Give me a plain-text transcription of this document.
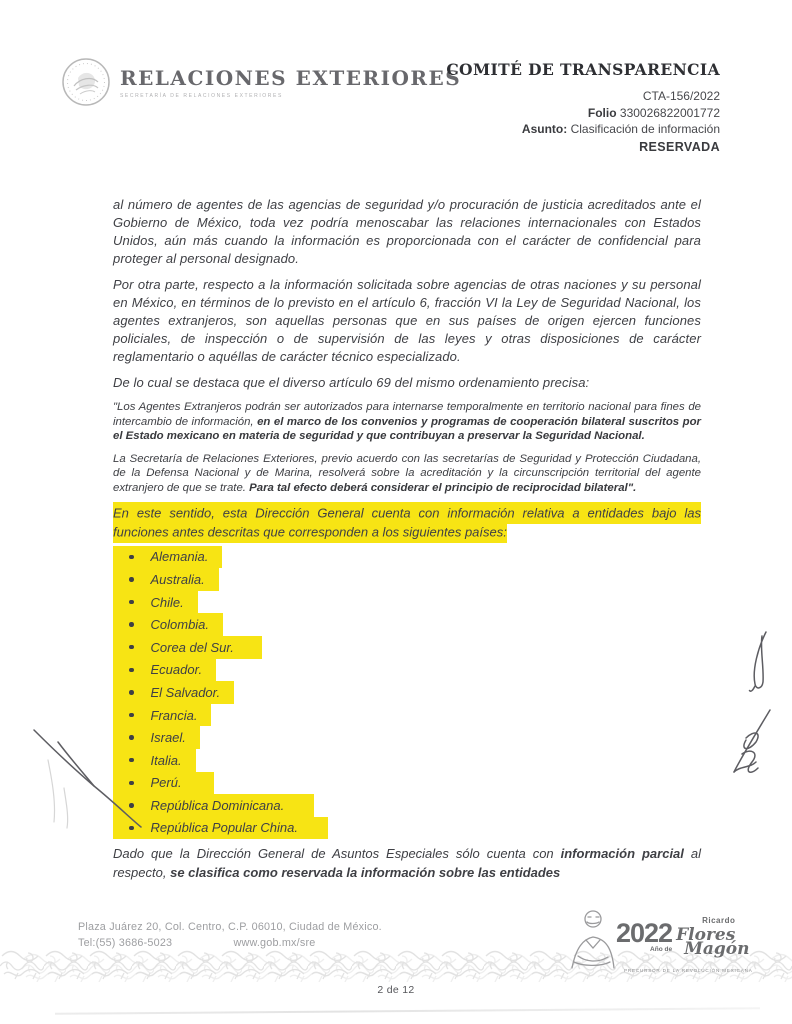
RELACIONES EXTERIORES
SECRETARÍA DE RELACIONES EXTERIORES
COMITÉ DE TRANSPARENCIA
CTA-156/2022
Folio 330026822001772
Asunto: Clasificación de información
RESERVADA

al número de agentes de las agencias de seguridad y/o procuración de justicia acreditados ante el Gobierno de México, toda vez podría menoscabar las relaciones internacionales con Estados Unidos, aún más cuando la información es proporcionada con el carácter de confidencial para proteger al personal designado.

Por otra parte, respecto a la información solicitada sobre agencias de otras naciones y su personal en México, en términos de lo previsto en el artículo 6, fracción VI la Ley de Seguridad Nacional, los agentes extranjeros, son aquellas personas que en sus países de origen ejercen funciones policiales, de inspección o de supervisión de las leyes y otras disposiciones de carácter reglamentario o aquéllas de carácter técnico especializado.

De lo cual se destaca que el diverso artículo 69 del mismo ordenamiento precisa:

"Los Agentes Extranjeros podrán ser autorizados para internarse temporalmente en territorio nacional para fines de intercambio de información, en el marco de los convenios y programas de cooperación bilateral suscritos por el Estado mexicano en materia de seguridad y que contribuyan a preservar la Seguridad Nacional.

La Secretaría de Relaciones Exteriores, previo acuerdo con las secretarías de Seguridad y Protección Ciudadana, de la Defensa Nacional y de Marina, resolverá sobre la acreditación y la circunscripción territorial del agente extranjero de que se trate. Para tal efecto deberá considerar el principio de reciprocidad bilateral".

En este sentido, esta Dirección General cuenta con información relativa a entidades bajo las funciones antes descritas que corresponden a los siguientes países:

Alemania.
Australia.
Chile.
Colombia.
Corea del Sur.
Ecuador.
El Salvador.
Francia.
Israel.
Italia.
Perú.
República Dominicana.
República Popular China.

Dado que la Dirección General de Asuntos Especiales sólo cuenta con información parcial al respecto, se clasifica como reservada la información sobre las entidades

Plaza Juárez 20, Col. Centro, C.P. 06010, Ciudad de México.
Tel:(55) 3686-5023	www.gob.mx/sre	2022
Año de
Ricardo
Flores
Magón
PRECURSOR DE LA REVOLUCIÓN MEXICANA
2 de 12
